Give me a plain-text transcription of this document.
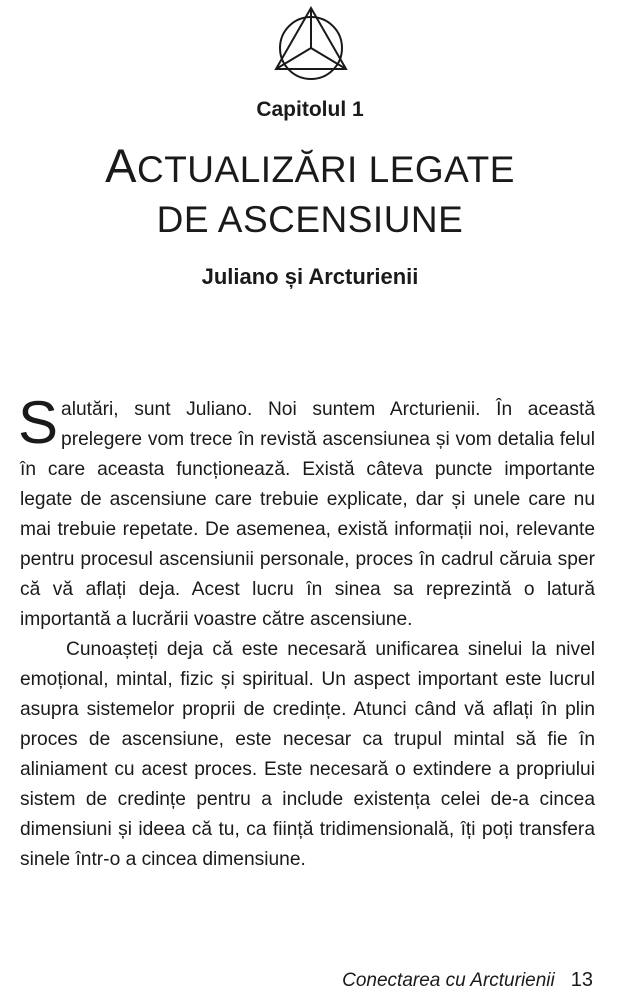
Capitolul 1
ACTUALIZĂRI LEGATE
DE ASCENSIUNE
Juliano și Arcturienii

Salutări, sunt Juliano. Noi suntem Arcturienii. În această prelegere vom trece în revistă ascensiunea și vom detalia felul în care aceasta funcționează. Există câteva puncte importante legate de ascensiune care trebuie explicate, dar și unele care nu mai trebuie repetate. De asemenea, există informații noi, relevante pentru procesul ascensiunii personale, proces în cadrul căruia sper că vă aflați deja. Acest lucru în sinea sa reprezintă o latură importantă a lucrării voastre către ascensiune.

Cunoașteți deja că este necesară unificarea sinelui la nivel emoțional, mintal, fizic și spiritual. Un aspect important este lucrul asupra sistemelor proprii de credințe. Atunci când vă aflați în plin proces de ascensiune, este necesar ca trupul mintal să fie în aliniament cu acest proces. Este necesară o extindere a propriului sistem de credințe pentru a include existența celei de-a cincea dimensiuni și ideea că tu, ca ființă tridimensională, îți poți transfera sinele într-o a cincea dimensiune.

Conectarea cu Arcturienii 13
